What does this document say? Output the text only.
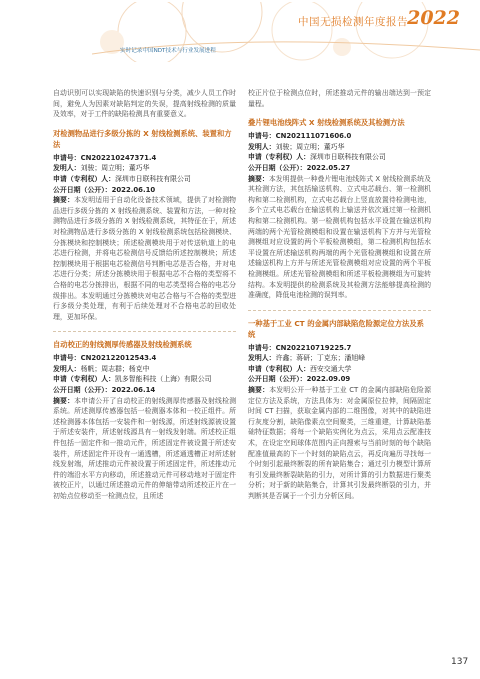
中国无损检测年度报告 2022
实时记录中国NDT技术与行业发展进程

自动识别可以实现缺陷的快速识别与分类，减少人员工作时间，避免人为因素对缺陷判定的失误，提高射线检测的质量及效率，对于工件的缺陷检测具有重要意义。

对检测物品进行多级分拣的 X 射线检测系统、装置和方法

申请号：CN202210247371.4

发明人：刘骏；周立明；董巧华

申请（专利权）人：深圳市日联科技有限公司

公开日期（公开）：2022.06.10

摘要：本发明适用于自动化设备技术领域，提供了对检测物品进行多级分拣的 X 射线检测系统、装置和方法，一种对检测物品进行多级分拣的 X 射线检测系统，其特征在于，所述对检测物品进行多级分拣的 X 射线检测系统包括检测模块、分拣模块和控制模块；所述检测模块用于对传送轨道上的电芯进行检测，并将电芯检测信号反馈给所述控制模块；所述控制模块用于根据电芯检测信号判断电芯是否合格，并对电芯进行分类；所述分拣模块用于根据电芯不合格的类型将不合格的电芯分拣排出，根据不同的电芯类型将合格的电芯分级排出。本发明通过分拣模块对电芯合格与不合格的类型进行多级分类处理，有利于后续处理对不合格电芯的回收处理，更加环保。

自动校正的射线测厚传感器及射线检测系统

申请号：CN202122012543.4

发明人：杨帆；周志群；杨克中

申请（专利权）人：凯多智能科技（上海）有限公司

公开日期（公开）：2022.06.14

摘要：本申请公开了自动校正的射线测厚传感器及射线检测系统。所述测厚传感器包括一检测器本体和一校正组件。所述检测器本体包括一安装件和一射线源，所述射线源被设置于所述安装件，所述射线源具有一射线发射端。所述校正组件包括一固定件和一推动元件，所述固定件被设置于所述安装件，所述固定件开设有一通透槽，所述通透槽正对所述射线发射端，所述推动元件被设置于所述固定件，所述推动元件的端沿水平方向移动，所述推动元件可移动地对于固定件被校正片，以通过所述推动元件的伸缩带动所述校正片在一初始点位移动至一检测点位，且所述

校正片位于检测点位时，所述推动元件的输出端达到一预定量程。

叠片锂电池线阵式 X 射线检测系统及其检测方法

申请号：CN202111071606.0

发明人：刘骏；周立明；董巧华

申请（专利权）人：深圳市日联科技有限公司

公开日期（公开）：2022.05.27

摘要：本发明提供一种叠片锂电池线阵式 X 射线检测系统及其检测方法，其包括输送机构、立式电芯载台、第一检测机构和第二检测机构，立式电芯载台上竖直放置待检测电池，多个立式电芯载台在输送机构上输送并依次通过第一检测机构和第二检测机构。第一检测机构包括水平设置在输送机构两端的两个光管检测模组和设置在输送机构下方并与光管检测模组对应设置的两个平板检测模组，第二检测机构包括水平设置在所述输送机构两端的两个光管检测模组和设置在所述输送机构上方并与所述光管检测模组对应设置的两个平板检测模组。所述光管检测模组和所述平板检测模组为可旋转结构。本发明提供的检测系统及其检测方法能够提高检测的准确度，降低电池检测的误判率。

一种基于工业 CT 的金属内部缺陷危险源定位方法及系统

申请号：CN202210719225.7

发明人：许鑫；蒋研；丁克东；潘旭峰

申请（专利权）人：西安交通大学

公开日期（公开）：2022.09.09

摘要：本发明公开一种基于工业 CT 的金属内部缺陷危险源定位方法及系统，方法具体为：对金属原位拉伸，间隔固定时间 CT 扫描，获取金属内部的二维图像，对其中的缺陷进行灰度分割，缺陷像素点空间聚类，三维重建，计算缺陷基础特征数据；将每一个缺陷实例化为点云，采用点云配准技术，在设定空间球体范围内正向搜索与当前时刻的每个缺陷配准值最高的下一个时刻的缺陷点云，再反向遍历寻找每一个时刻引起最终断裂的所有缺陷集合；通过引力模型计算所有引发最终断裂缺陷的引力，对所计算的引力数据进行聚类分析；对于新的缺陷集合，计算其引发最终断裂的引力，并判断其是否属于一个引力分析区间。

137
